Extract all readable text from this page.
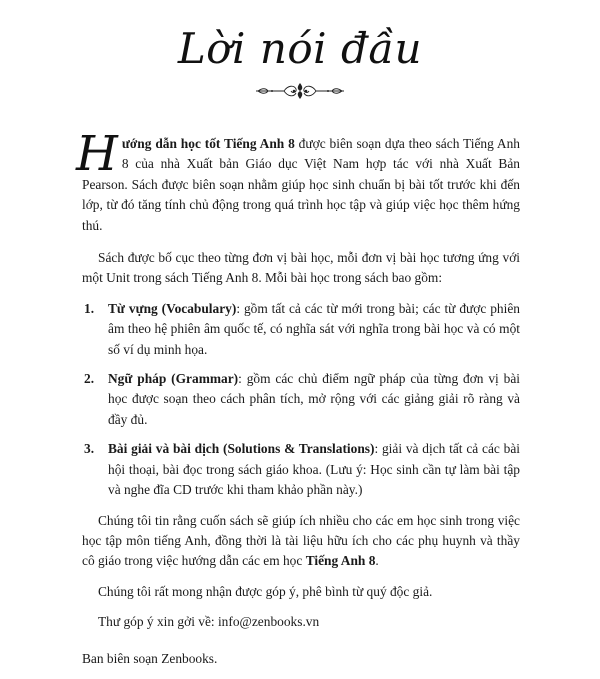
Lời nói đầu

Hướng dẫn học tốt Tiếng Anh 8 được biên soạn dựa theo sách Tiếng Anh 8 của nhà Xuất bản Giáo dục Việt Nam hợp tác với nhà Xuất Bản Pearson. Sách được biên soạn nhằm giúp học sinh chuẩn bị bài tốt trước khi đến lớp, từ đó tăng tính chủ động trong quá trình học tập và giúp việc học thêm hứng thú.

Sách được bố cục theo từng đơn vị bài học, mỗi đơn vị bài học tương ứng với một Unit trong sách Tiếng Anh 8. Mỗi bài học trong sách bao gồm:

1. Từ vựng (Vocabulary): gồm tất cả các từ mới trong bài; các từ được phiên âm theo hệ phiên âm quốc tế, có nghĩa sát với nghĩa trong bài học và có một số ví dụ minh họa.
2. Ngữ pháp (Grammar): gồm các chủ điểm ngữ pháp của từng đơn vị bài học được soạn theo cách phân tích, mở rộng với các giảng giải rõ ràng và đầy đủ.
3. Bài giải và bài dịch (Solutions & Translations): giải và dịch tất cả các bài hội thoại, bài đọc trong sách giáo khoa. (Lưu ý: Học sinh cần tự làm bài tập và nghe đĩa CD trước khi tham khảo phần này.)

Chúng tôi tin rằng cuốn sách sẽ giúp ích nhiều cho các em học sinh trong việc học tập môn tiếng Anh, đồng thời là tài liệu hữu ích cho các phụ huynh và thầy cô giáo trong việc hướng dẫn các em học Tiếng Anh 8.

Chúng tôi rất mong nhận được góp ý, phê bình từ quý độc giả.

Thư góp ý xin gởi về: info@zenbooks.vn

Ban biên soạn Zenbooks.
